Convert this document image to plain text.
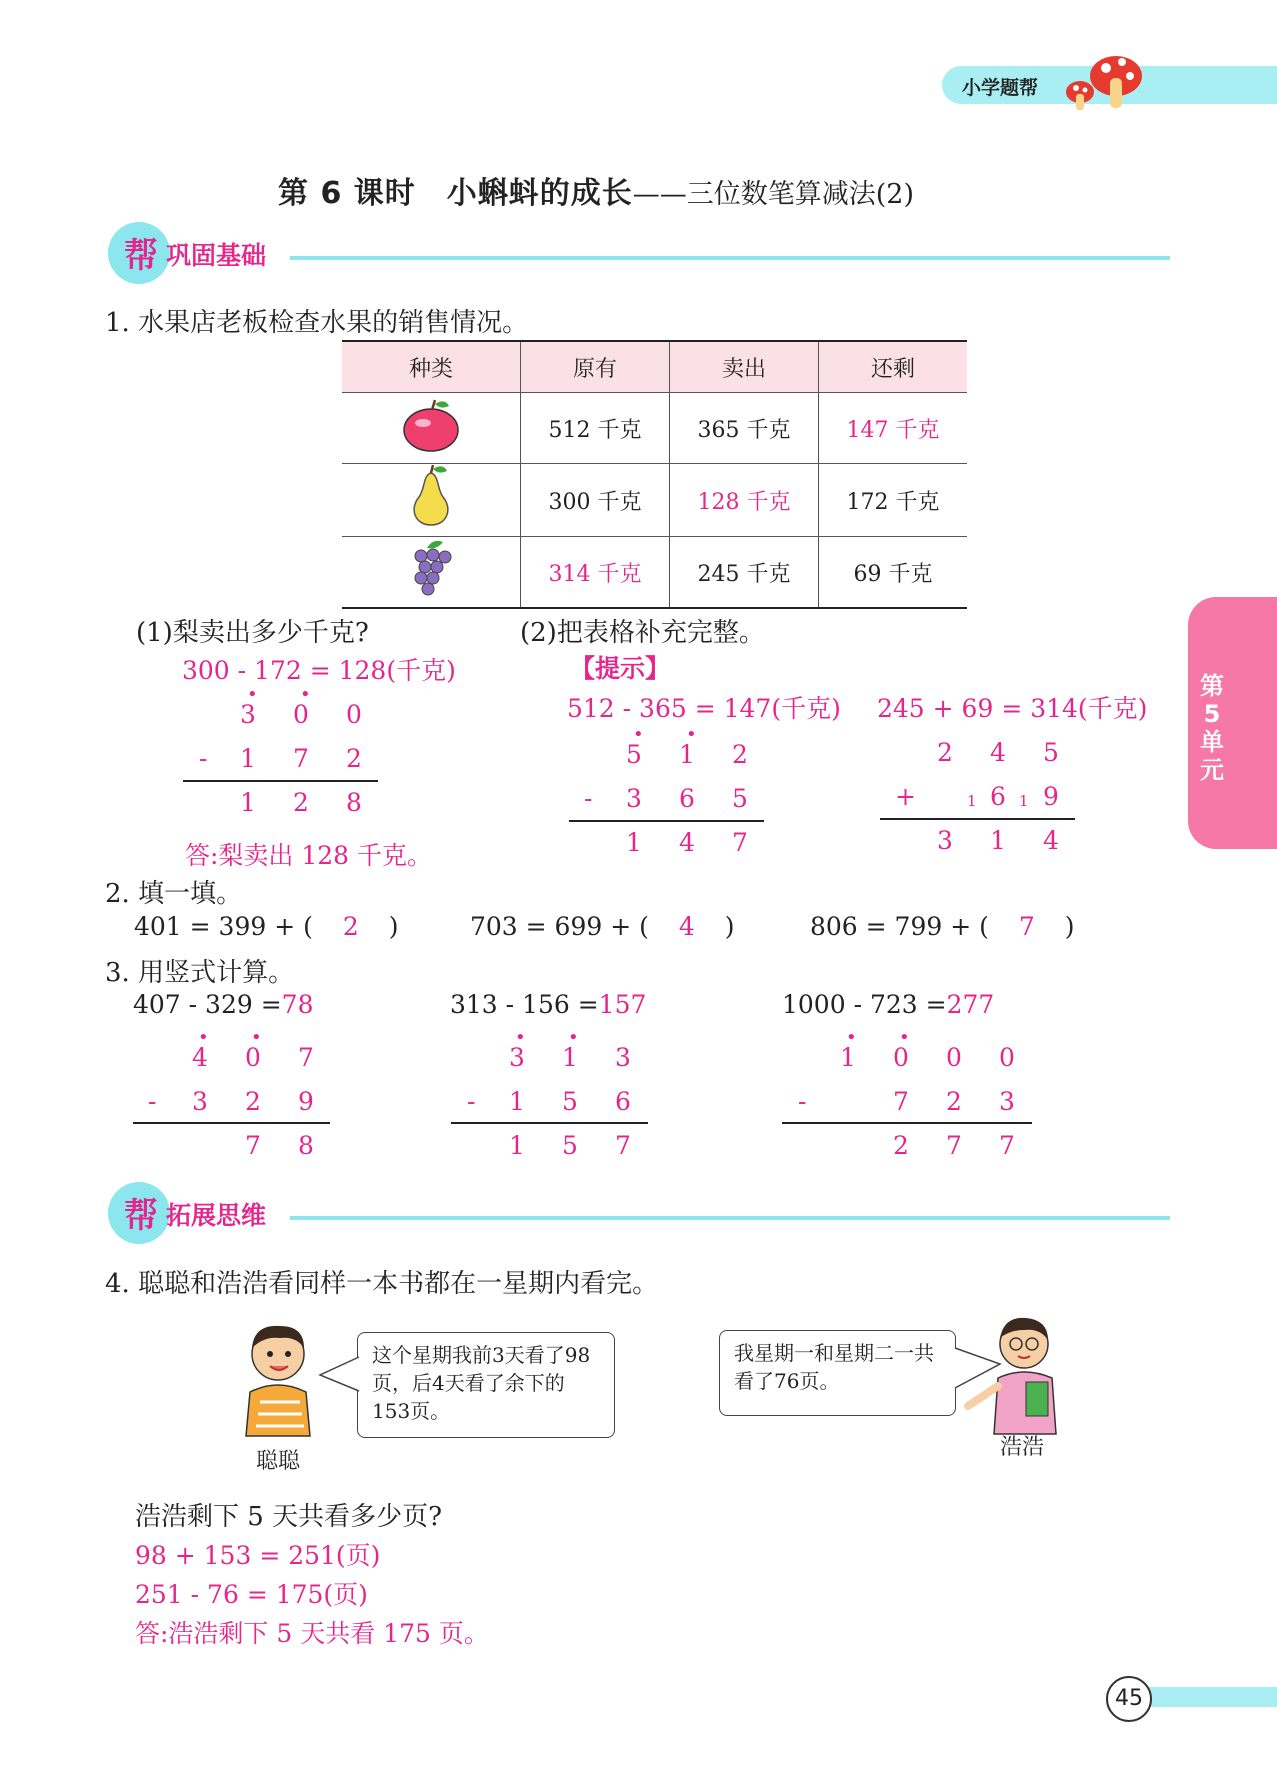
小学题帮
第 6 课时　小蝌蚪的成长——三位数笔算减法(2)
帮 巩固基础
1. 水果店老板检查水果的销售情况。
种类	原有	卖出	还剩
	512 千克	365 千克	147 千克
	300 千克	128 千克	172 千克
	314 千克	245 千克	69 千克
(1)梨卖出多少千克?
300 - 172 = 128(千克)
• •
3 0 0
- 1 7 2
1 2 8
答:梨卖出 128 千克。
(2)把表格补充完整。
【提示】
512 - 365 = 147(千克) 245 + 69 = 314(千克)
• •
5 1 2
- 3 6 5
1 4 7
2 4 5
+	1 6 1 9
3 1 4
2. 填一填。
401 = 399 + ( 2 )	703 = 699 + ( 4 )	806 = 799 + ( 7 )
3. 用竖式计算。
407 - 329 =78	313 - 156 =157	1000 - 723 =277
• •
4 0 7
- 3 2 9
7 8
• •
3 1 3
- 1 5 6
1 5 7
• •
1 0 0 0
-	7 2 3
2 7 7
第5单元
帮 拓展思维
4. 聪聪和浩浩看同样一本书都在一星期内看完。
聪聪
这个星期我前3天看了98页，后4天看了余下的153页。
我星期一和星期二一共看了76页。
浩浩
浩浩剩下 5 天共看多少页?
98 + 153 = 251(页)
251 - 76 = 175(页)
答:浩浩剩下 5 天共看 175 页。
45
